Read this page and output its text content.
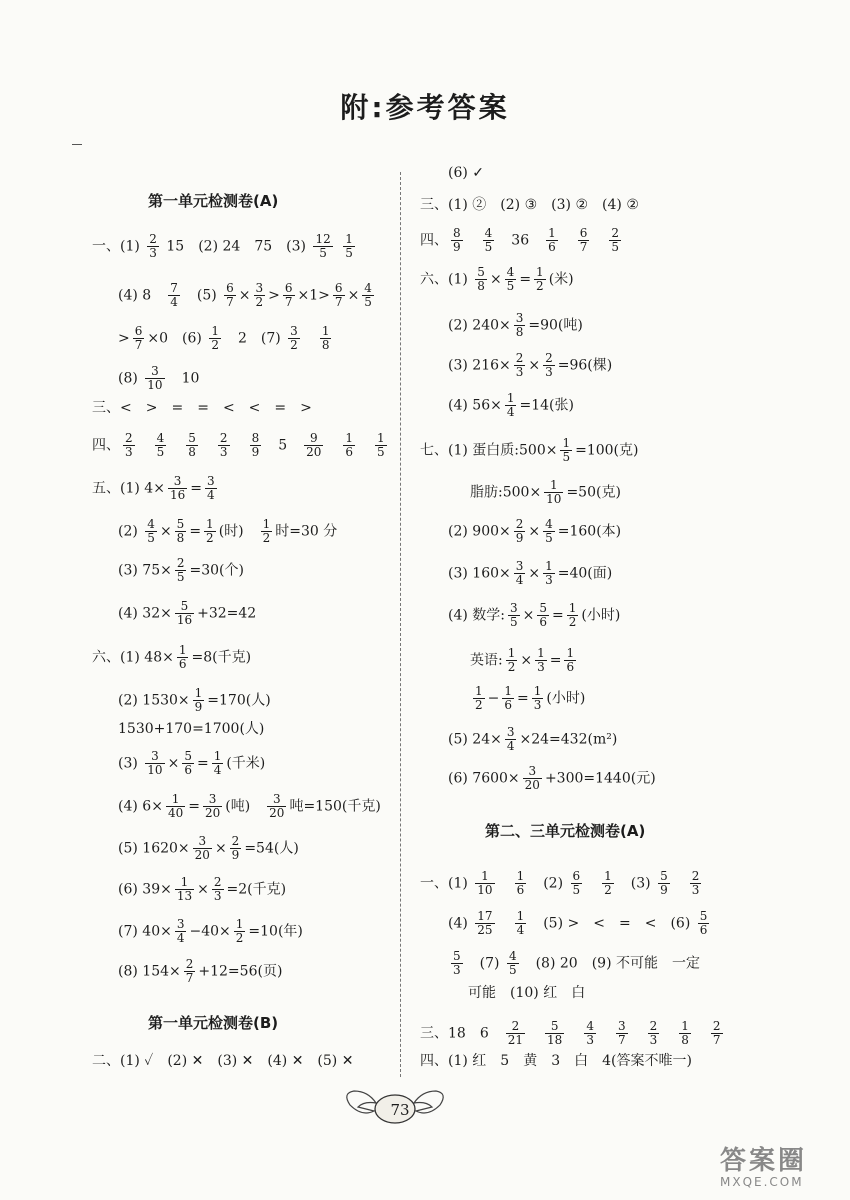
附:参考答案
第一单元检测卷(A)
第一单元检测卷(B)
第二、三单元检测卷(A)
一、$(1) \frac{2}{3} 15$ (2) 24 75 $(3) \frac{12}{5}$
$\frac{1}{5}$
(4) $8 \frac{7}{4} (5) \frac{6}{7} \times \frac{3}{2} > \frac{6}{7} \times 1> \frac{6}{7} \times \frac{4}{5}$
> $\frac{6}{7} \times 0$ $(6) \frac{1}{2} 2$ $(7) \frac{3}{2} \frac{1}{8}$
$(8) \frac{3}{10} 10$
三、< > = = < < = >
四、 $\frac{2}{3} \frac{4}{5} \frac{5}{8} \frac{2}{3} \frac{8}{9} 5 \frac{9}{20} \frac{1}{6} \frac{1}{5}$
五、(1) $4\times \frac{3}{16} = \frac{3}{4}$
$(2) \frac{4}{5} \times \frac{5}{8} = \frac{1}{2}$ (时) $\frac{1}{2}$ 时=30 分
(3) $75\times \frac{2}{5} =30$(个)
(4) $32\times \frac{5}{16} +32=42$
六、(1) $48\times \frac{1}{6} =8$(千克)
(2) $1530\times \frac{1}{9} =170$(人)
1530+170=1700(人)
$(3) \frac{3}{10} \times \frac{5}{6} = \frac{1}{4}$ (千米)
(4) $6\times \frac{1}{40} = \frac{3}{20}$ (吨) $\frac{3}{20}$ 吨=150(千克)
(5) $1620\times \frac{3}{20} \times \frac{2}{9} =54$(人)
(6) $39\times \frac{1}{13} \times \frac{2}{3} =2$(千克)
(7) $40\times \frac{3}{4} -40\times \frac{1}{2} =10$(年)
(8) $154\times \frac{2}{7} +12=56$(页)
二、(1) ✓ (2) ✕ (3) ✕ (4) ✕ (5) ✕
(6) ✓
三、(1) ② (2) ③ (3) ② (4) ②
四、 $\frac{8}{9} \frac{4}{5} 36 \frac{1}{6} \frac{6}{7} \frac{2}{5}$
六、$(1) \frac{5}{8} \times \frac{4}{5} = \frac{1}{2}$ (米)
(2) $240\times \frac{3}{8} =90$(吨)
(3) $216\times \frac{2}{3} \times \frac{2}{3} =96$(棵)
(4) $56\times \frac{1}{4} =14$(张)
七、(1) 蛋白质:500× $\frac{1}{5} =100$(克)
脂肪:500× $\frac{1}{10} =50$(克)
(2) $900\times \frac{2}{9} \times \frac{4}{5} =160$(本)
(3) $160\times \frac{3}{4} \times \frac{1}{3} =40$(面)
(4) 数学: $\frac{3}{5} \times \frac{5}{6} = \frac{1}{2}$ (小时)
英语: $\frac{1}{2} \times \frac{1}{3} = \frac{1}{6}$
$\frac{1}{2} - \frac{1}{6} = \frac{1}{3}$ (小时)
(5) $24\times \frac{3}{4} \times 24=432(m^2)$
(6) $7600\times \frac{3}{20} +300=1440$(元)
一、$(1) \frac{1}{10} \frac{1}{6} (2) \frac{6}{5} \frac{1}{2} (3) \frac{5}{9} \frac{2}{3}$
$(4) \frac{17}{25} \frac{1}{4} (5)$ > < = < $(6) \frac{5}{6}$
$\frac{5}{3} (7) \frac{4}{5} (8)$ 20 (9) 不可能 一定
可能 (10) 红 白
三、18 $6 \frac{2}{21} \frac{5}{18} \frac{4}{3} \frac{3}{7} \frac{2}{3} \frac{1}{8} \frac{2}{7}$
四、(1) 红 5 黄 3 白 4(答案不唯一)
73
答案圈
MXQE.COM
